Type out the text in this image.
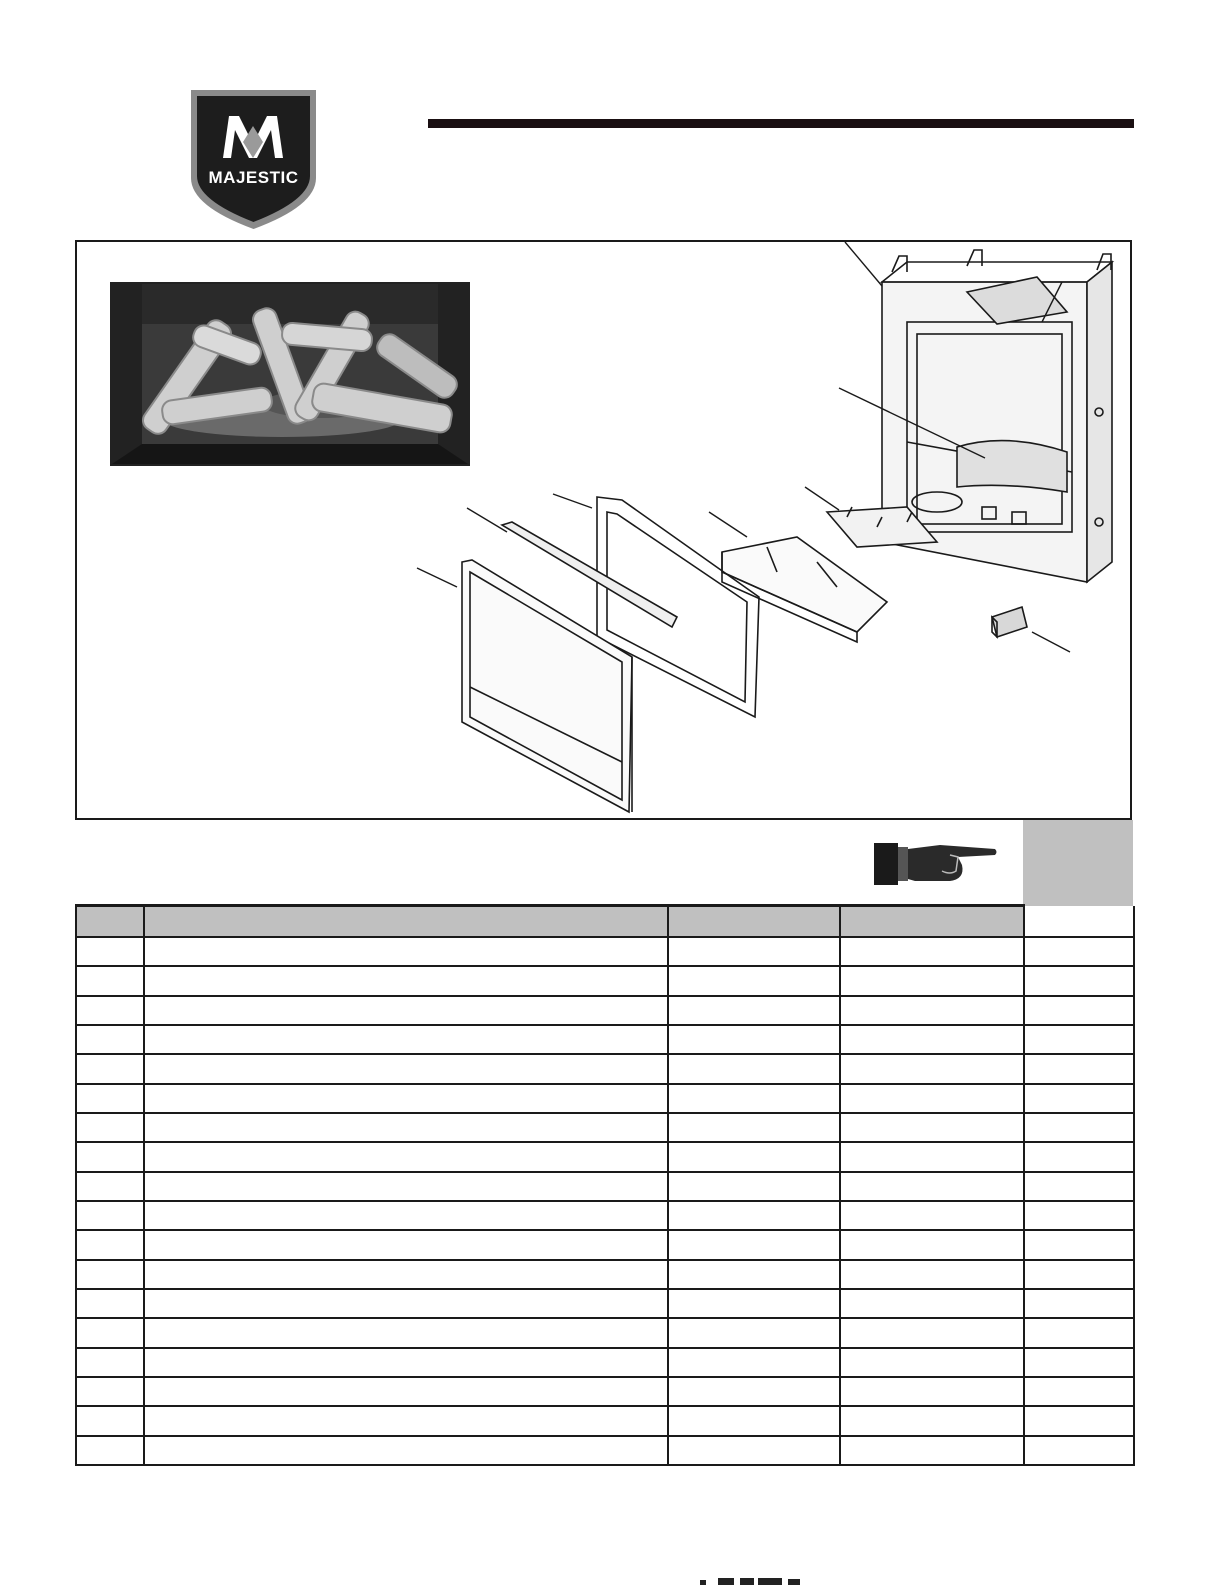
MAJESTIC
